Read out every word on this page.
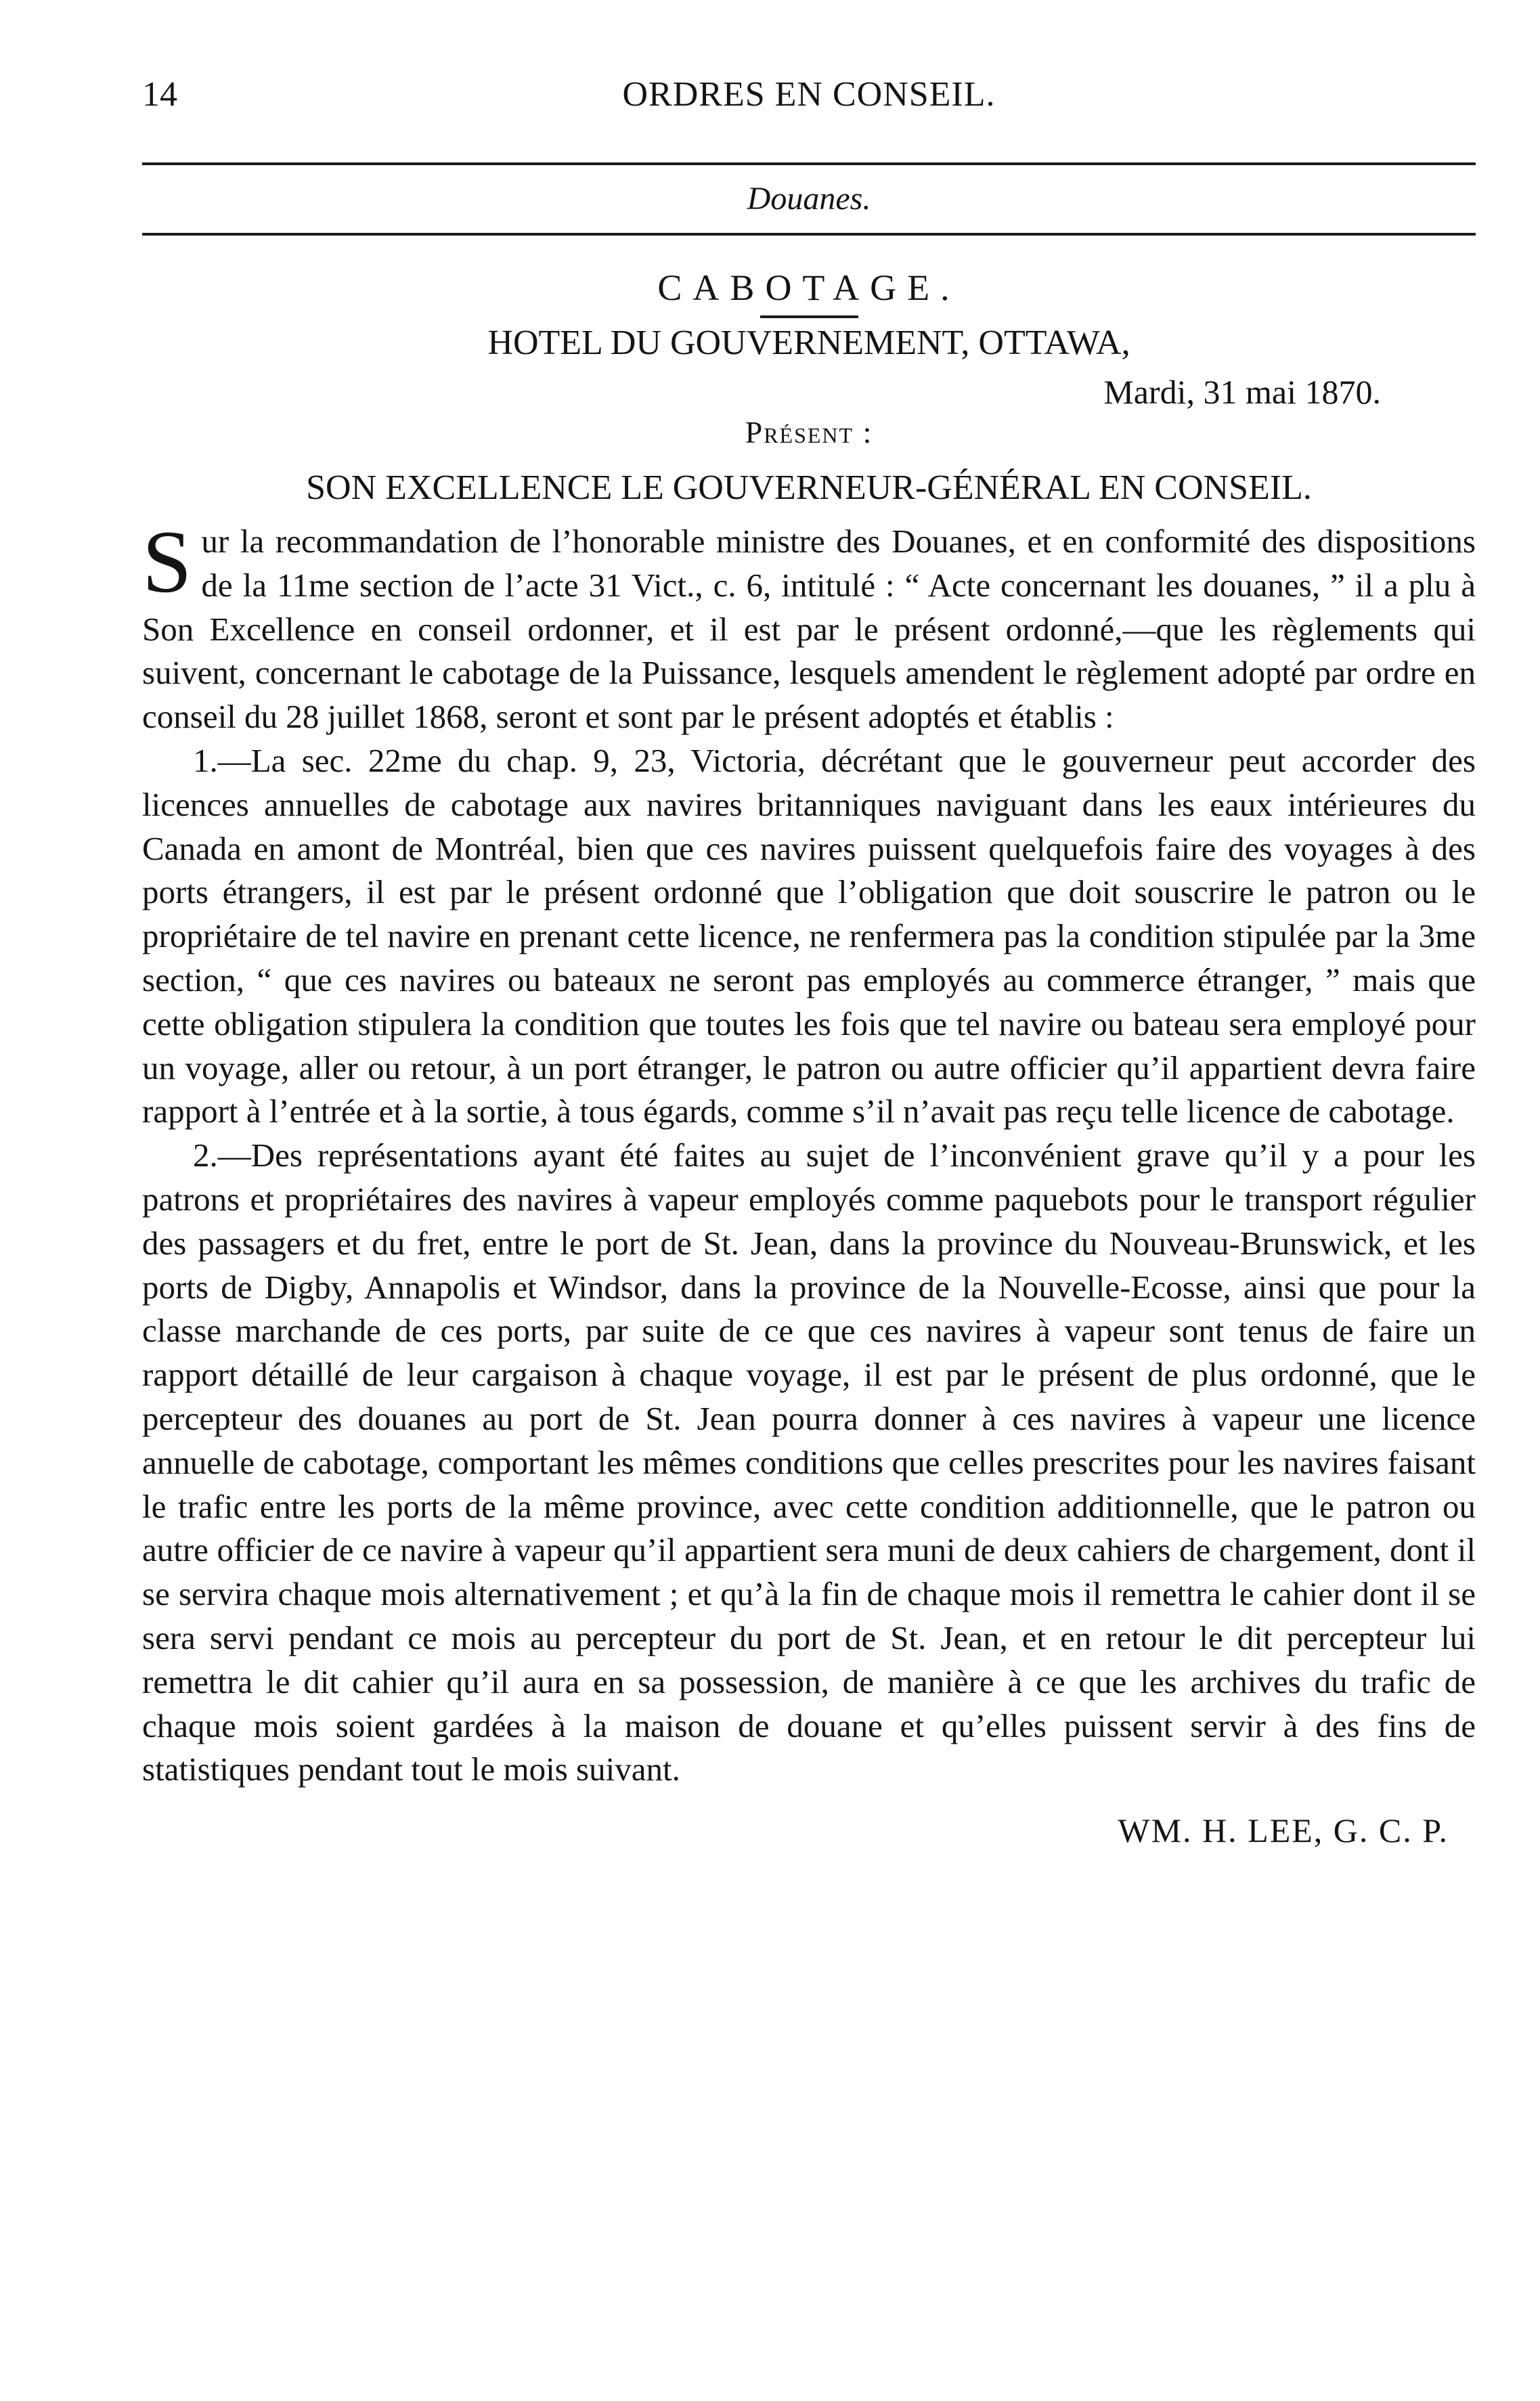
14	ORDRES EN CONSEIL.
Douanes.
CABOTAGE.
HOTEL DU GOUVERNEMENT, OTTAWA,
Mardi, 31 mai 1870.
Présent :
SON EXCELLENCE LE GOUVERNEUR-GÉNÉRAL EN CONSEIL.

Sur la recommandation de l’honorable ministre des Douanes, et en conformité des dispositions de la 11me section de l’acte 31 Vict., c. 6, intitulé : “ Acte concernant les douanes, ” il a plu à Son Excellence en conseil ordonner, et il est par le présent ordonné,—que les règlements qui suivent, concernant le cabotage de la Puissance, lesquels amendent le règlement adopté par ordre en conseil du 28 juillet 1868, seront et sont par le présent adoptés et établis :

1.—La sec. 22me du chap. 9, 23, Victoria, décrétant que le gouverneur peut accorder des licences annuelles de cabotage aux navires britanniques naviguant dans les eaux intérieures du Canada en amont de Montréal, bien que ces navires puissent quelquefois faire des voyages à des ports étrangers, il est par le présent ordonné que l’obligation que doit souscrire le patron ou le propriétaire de tel navire en prenant cette licence, ne renfermera pas la condition stipulée par la 3me section, “ que ces navires ou bateaux ne seront pas employés au commerce étranger, ” mais que cette obligation stipulera la condition que toutes les fois que tel navire ou bateau sera employé pour un voyage, aller ou retour, à un port étranger, le patron ou autre officier qu’il appartient devra faire rapport à l’entrée et à la sortie, à tous égards, comme s’il n’avait pas reçu telle licence de cabotage.

2.—Des représentations ayant été faites au sujet de l’inconvénient grave qu’il y a pour les patrons et propriétaires des navires à vapeur employés comme paquebots pour le transport régulier des passagers et du fret, entre le port de St. Jean, dans la province du Nouveau-Brunswick, et les ports de Digby, Annapolis et Windsor, dans la province de la Nouvelle-Ecosse, ainsi que pour la classe marchande de ces ports, par suite de ce que ces navires à vapeur sont tenus de faire un rapport détaillé de leur cargaison à chaque voyage, il est par le présent de plus ordonné, que le percepteur des douanes au port de St. Jean pourra donner à ces navires à vapeur une licence annuelle de cabotage, comportant les mêmes conditions que celles prescrites pour les navires faisant le trafic entre les ports de la même province, avec cette condition additionnelle, que le patron ou autre officier de ce navire à vapeur qu’il appartient sera muni de deux cahiers de chargement, dont il se servira chaque mois alternativement ; et qu’à la fin de chaque mois il remettra le cahier dont il se sera servi pendant ce mois au percepteur du port de St. Jean, et en retour le dit percepteur lui remettra le dit cahier qu’il aura en sa possession, de manière à ce que les archives du trafic de chaque mois soient gardées à la maison de douane et qu’elles puissent servir à des fins de statistiques pendant tout le mois suivant.

WM. H. LEE, G. C. P.
